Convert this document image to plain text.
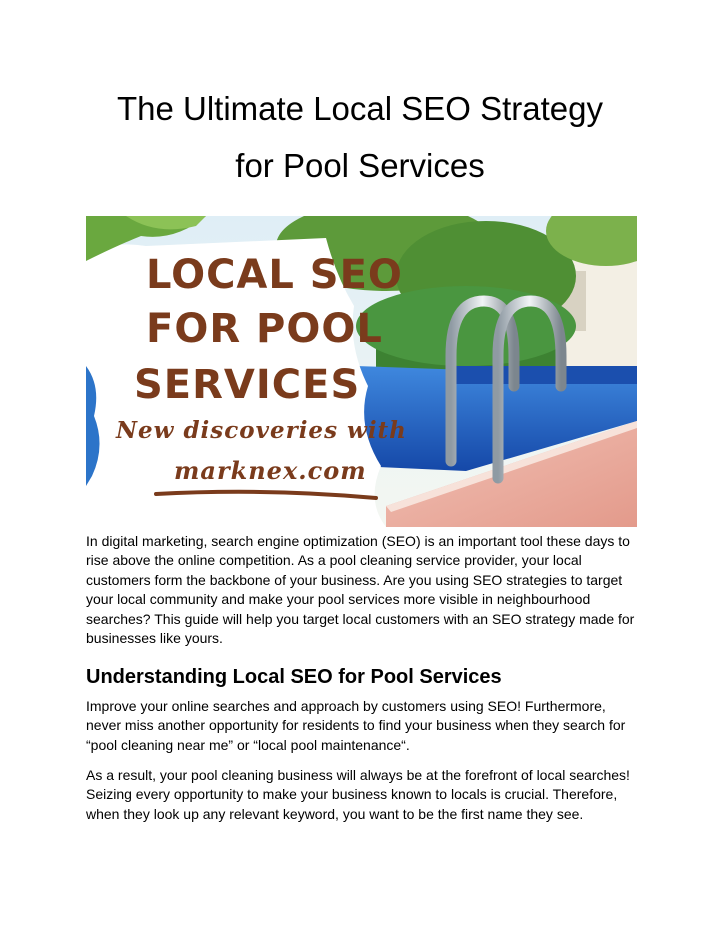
The Ultimate Local SEO Strategy
for Pool Services
LOCAL SEO
FOR POOL
SERVICES
New discoveries with
marknex.com

In digital marketing, search engine optimization (SEO) is an important tool these days to rise above the online competition. As a pool cleaning service provider, your local customers form the backbone of your business. Are you using SEO strategies to target your local community and make your pool services more visible in neighbourhood searches? This guide will help you target local customers with an SEO strategy made for businesses like yours.

Understanding Local SEO for Pool Services

Improve your online searches and approach by customers using SEO! Furthermore, never miss another opportunity for residents to find your business when they search for “pool cleaning near me” or “local pool maintenance“.

As a result, your pool cleaning business will always be at the forefront of local searches! Seizing every opportunity to make your business known to locals is crucial. Therefore, when they look up any relevant keyword, you want to be the first name they see.
